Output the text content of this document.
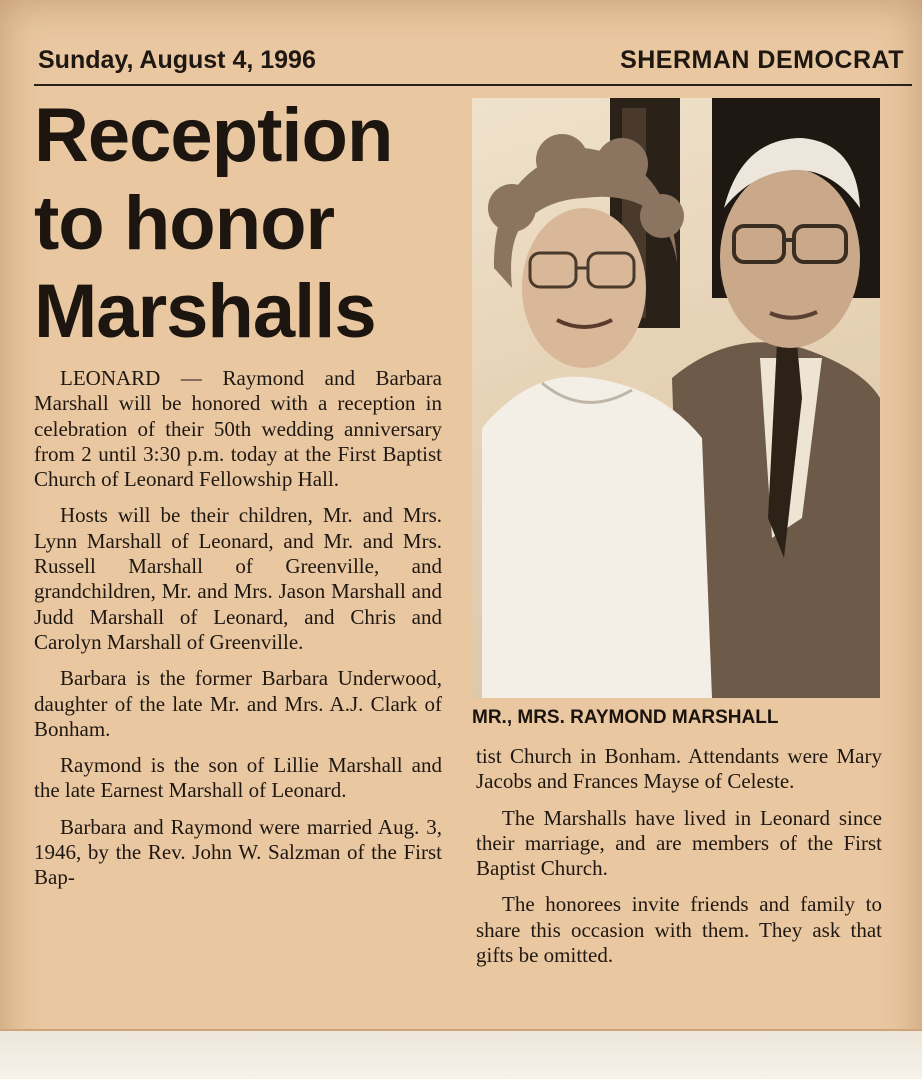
Sunday, August 4, 1996	SHERMAN DEMOCRAT
Reception to honor Marshalls

LEONARD — Raymond and Barbara Marshall will be honored with a reception in celebration of their 50th wedding anniversary from 2 until 3:30 p.m. today at the First Baptist Church of Leonard Fellowship Hall.

Hosts will be their children, Mr. and Mrs. Lynn Marshall of Leonard, and Mr. and Mrs. Russell Marshall of Greenville, and grandchildren, Mr. and Mrs. Jason Marshall and Judd Marshall of Leonard, and Chris and Carolyn Marshall of Greenville.

Barbara is the former Barbara Underwood, daughter of the late Mr. and Mrs. A.J. Clark of Bonham.

Raymond is the son of Lillie Marshall and the late Earnest Marshall of Leonard.

Barbara and Raymond were married Aug. 3, 1946, by the Rev. John W. Salzman of the First Bap-

MR., MRS. RAYMOND MARSHALL

tist Church in Bonham. Attendants were Mary Jacobs and Frances Mayse of Celeste.

The Marshalls have lived in Leonard since their marriage, and are members of the First Baptist Church.

The honorees invite friends and family to share this occasion with them. They ask that gifts be omitted.
